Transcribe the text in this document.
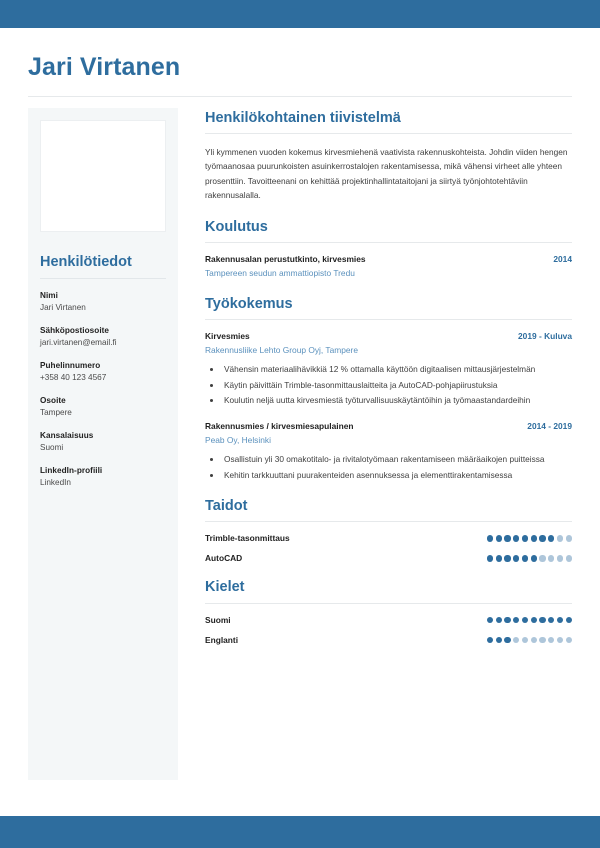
Jari Virtanen
Henkilötiedot
Nimi
Jari Virtanen
Sähköpostiosoite
jari.virtanen@email.fi
Puhelinnumero
+358 40 123 4567
Osoite
Tampere
Kansalaisuus
Suomi
LinkedIn-profiili
LinkedIn
Henkilökohtainen tiivistelmä

Yli kymmenen vuoden kokemus kirvesmiehenä vaativista rakennuskohteista. Johdin viiden hengen työmaanosaa puurunkoisten asuinkerrostalojen rakentamisessa, mikä vähensi virheet alle yhteen prosenttiin. Tavoitteenani on kehittää projektinhallintataitojani ja siirtyä työnjohtotehtäviin rakennusalalla.

Koulutus
Rakennusalan perustutkinto, kirvesmies	2014
Tampereen seudun ammattiopisto Tredu
Työkokemus
Kirvesmies	2019 - Kuluva
Rakennusliike Lehto Group Oyj, Tampere
• Vähensin materiaalihävikkiä 12 % ottamalla käyttöön digitaalisen mittausjärjestelmän
• Käytin päivittäin Trimble-tasonmittauslaitteita ja AutoCAD-pohjapiirustuksia
• Koulutin neljä uutta kirvesmiestä työturvallisuuskäytäntöihin ja työmaastandardeihin
Rakennusmies / kirvesmiesapulainen	2014 - 2019
Peab Oy, Helsinki
• Osallistuin yli 30 omakotitalo- ja rivitalotyömaan rakentamiseen määräaikojen puitteissa
• Kehitin tarkkuuttani puurakenteiden asennuksessa ja elementtirakentamisessa
Taidot
Trimble-tasonmittaus
AutoCAD
Kielet
Suomi
Englanti
